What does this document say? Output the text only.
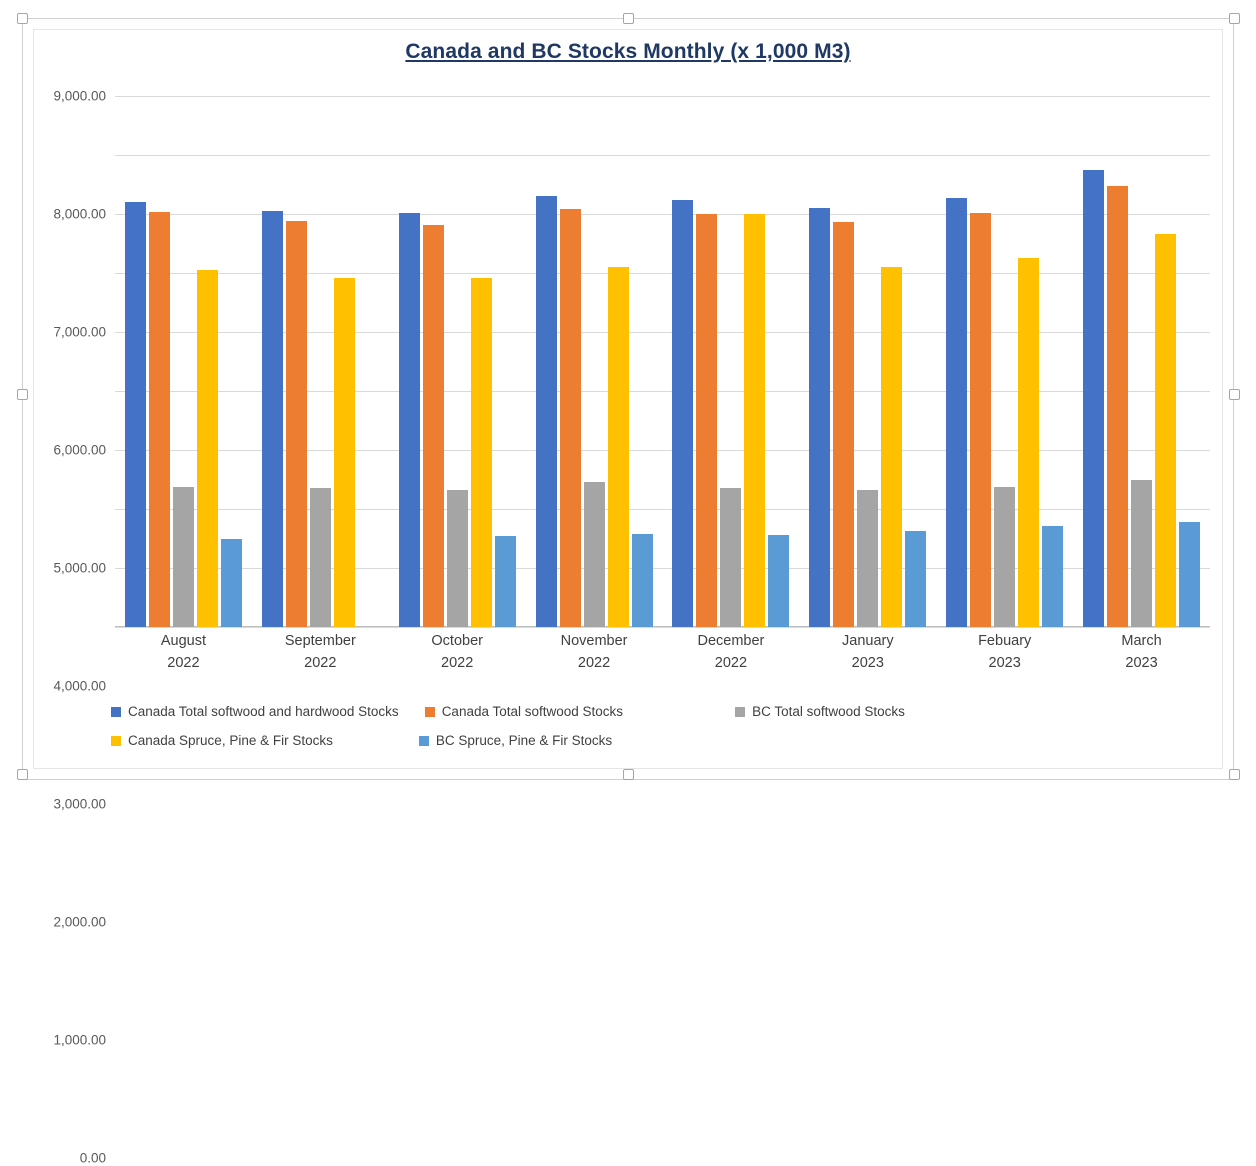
Canada and BC Stocks Monthly (x 1,000 M3)
9,000.00
8,000.00
7,000.00
6,000.00
5,000.00
4,000.00
3,000.00
2,000.00
1,000.00
0.00
August
2022
September
2022
October
2022
November
2022
December
2022
January
2023
Febuary
2023
March
2023
Canada Total softwood and hardwood Stocks	Canada Total softwood Stocks	BC Total softwood Stocks
Canada Spruce, Pine & Fir Stocks	BC Spruce, Pine & Fir Stocks
